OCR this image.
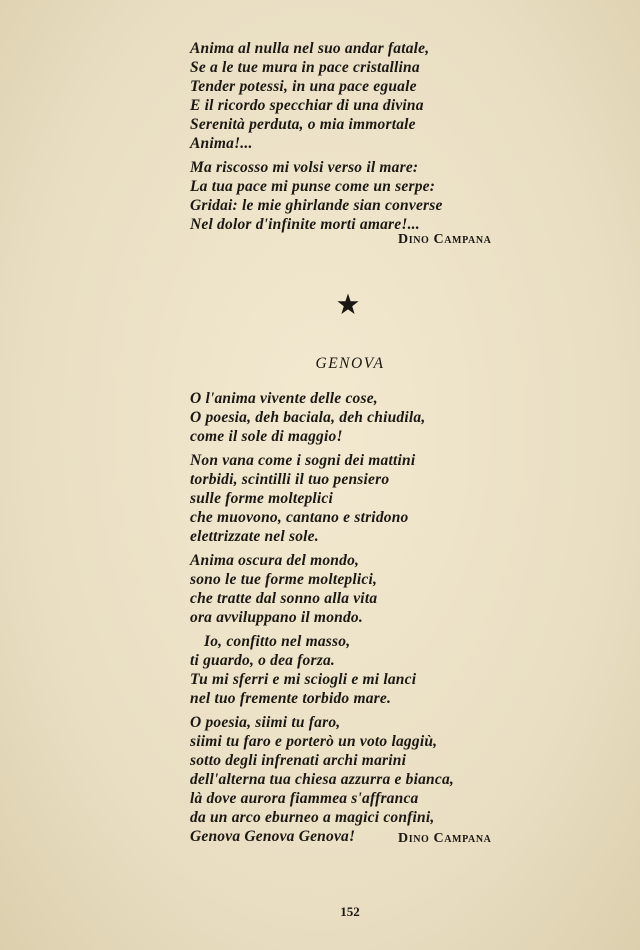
Anima al nulla nel suo andar fatale,
Se a le tue mura in pace cristallina
Tender potessi, in una pace eguale
E il ricordo specchiar di una divina
Serenità perduta, o mia immortale
Anima!...
Ma riscosso mi volsi verso il mare:
La tua pace mi punse come un serpe:
Gridai: le mie ghirlande sian converse
Nel dolor d'infinite morti amare!...
Dino Campana
GENOVA
O l'anima vivente delle cose,
O poesia, deh baciala, deh chiudila,
come il sole di maggio!
Non vana come i sogni dei mattini
torbidi, scintilli il tuo pensiero
sulle forme molteplici
che muovono, cantano e stridono
elettrizzate nel sole.
Anima oscura del mondo,
sono le tue forme molteplici,
che tratte dal sonno alla vita
ora avviluppano il mondo.
Io, confitto nel masso,
ti guardo, o dea forza.
Tu mi sferri e mi sciogli e mi lanci
nel tuo fremente torbido mare.
O poesia, siimi tu faro,
siimi tu faro e porterò un voto laggiù,
sotto degli infrenati archi marini
dell'alterna tua chiesa azzurra e bianca,
là dove aurora fiammea s'affranca
da un arco eburneo a magici confini,
Genova Genova Genova!	Dino Campana
152
